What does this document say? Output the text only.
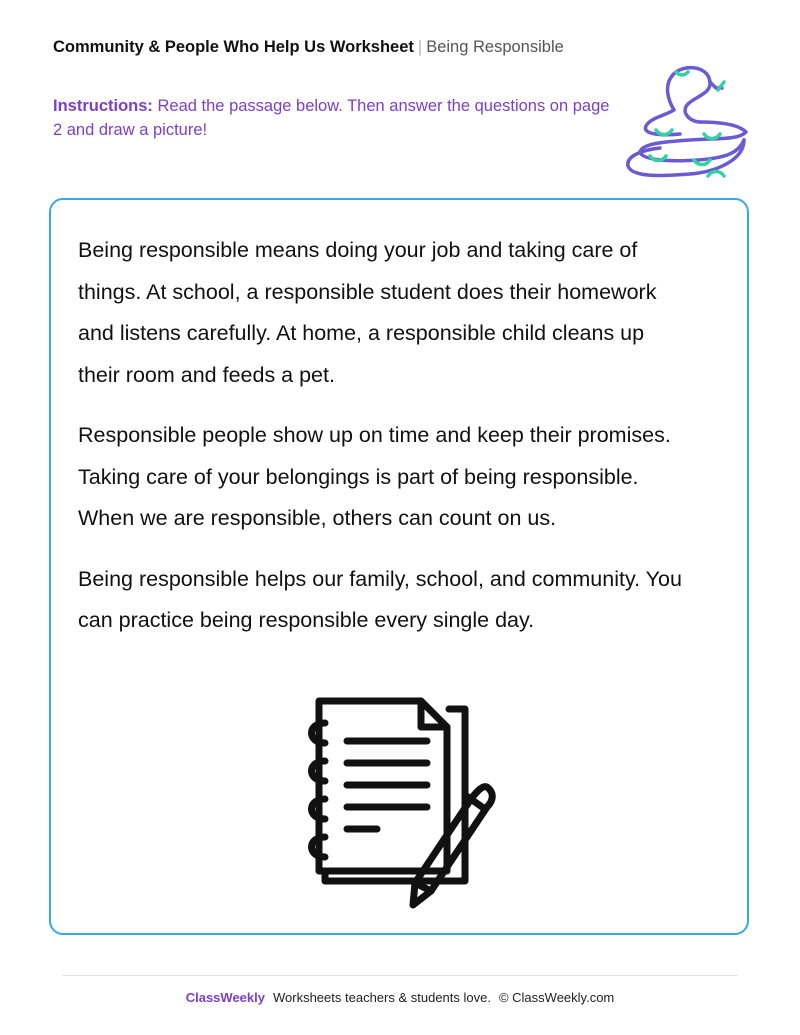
Community & People Who Help Us Worksheet | Being Responsible
Instructions: Read the passage below. Then answer the questions on page 2 and draw a picture!

Being responsible means doing your job and taking care of things. At school, a responsible student does their homework and listens carefully. At home, a responsible child cleans up their room and feeds a pet.

Responsible people show up on time and keep their promises. Taking care of your belongings is part of being responsible. When we are responsible, others can count on us.

Being responsible helps our family, school, and community. You can practice being responsible every single day.

ClassWeekly Worksheets teachers & students love. © ClassWeekly.com
